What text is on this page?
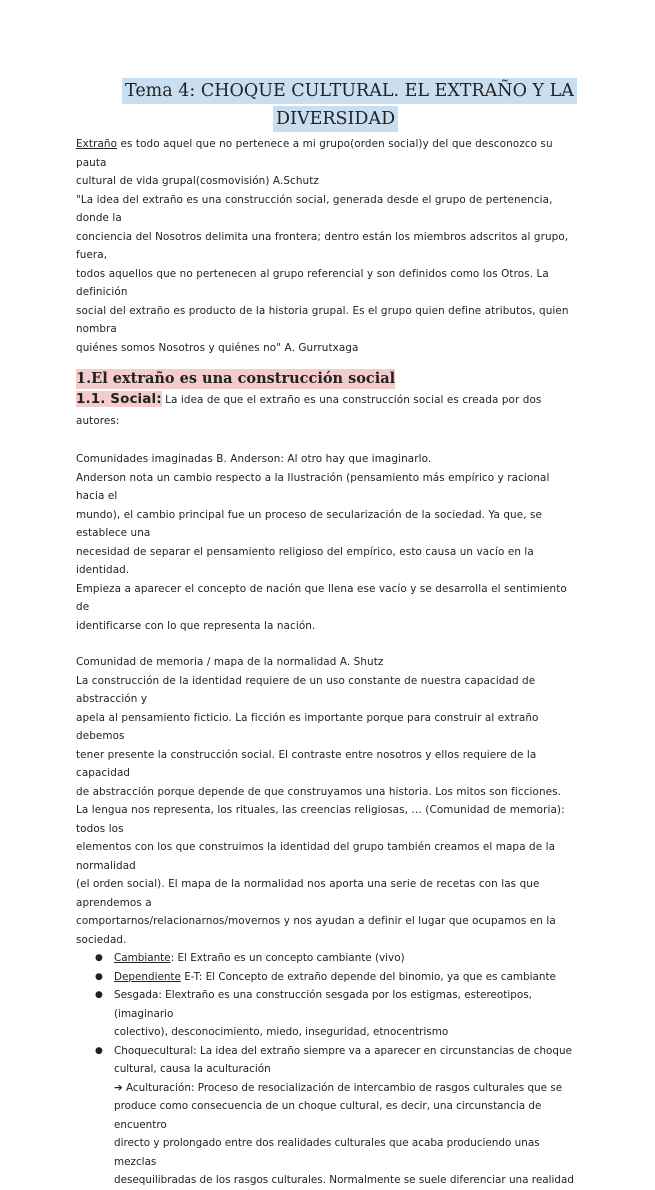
Tema 4: CHOQUE CULTURAL. EL EXTRAÑO Y LA
DIVERSIDAD

Extraño es todo aquel que no pertenece a mi grupo(orden social)y del que desconozco su pauta

cultural de vida grupal(cosmovisión) A.Schutz

"La idea del extraño es una construcción social, generada desde el grupo de pertenencia, donde la

conciencia del Nosotros delimita una frontera; dentro están los miembros adscritos al grupo, fuera,

todos aquellos que no pertenecen al grupo referencial y son definidos como los Otros. La definición

social del extraño es producto de la historia grupal. Es el grupo quien define atributos, quien nombra

quiénes somos Nosotros y quiénes no" A. Gurrutxaga

1.El extraño es una construcción social

1.1. Social: La idea de que el extraño es una construcción social es creada por dos autores:

Comunidades imaginadas B. Anderson: Al otro hay que imaginarlo.

Anderson nota un cambio respecto a la Ilustración (pensamiento más empírico y racional hacia el

mundo), el cambio principal fue un proceso de secularización de la sociedad. Ya que, se establece una

necesidad de separar el pensamiento religioso del empírico, esto causa un vacío en la identidad.

Empieza a aparecer el concepto de nación que llena ese vacío y se desarrolla el sentimiento de

identificarse con lo que representa la nación.

Comunidad de memoria / mapa de la normalidad A. Shutz

La construcción de la identidad requiere de un uso constante de nuestra capacidad de abstracción y

apela al pensamiento ficticio. La ficción es importante porque para construir al extraño debemos

tener presente la construcción social. El contraste entre nosotros y ellos requiere de la capacidad

de abstracción porque depende de que construyamos una historia. Los mitos son ficciones.

La lengua nos representa, los rituales, las creencias religiosas, … (Comunidad de memoria): todos los

elementos con los que construimos la identidad del grupo también creamos el mapa de la normalidad

(el orden social). El mapa de la normalidad nos aporta una serie de recetas con las que aprendemos a

comportarnos/relacionarnos/movernos y nos ayudan a definir el lugar que ocupamos en la sociedad.

● Cambiante: El Extraño es un concepto cambiante (vivo)
● Dependiente E-T: El Concepto de extraño depende del binomio, ya que es cambiante
● Sesgada: Elextraño es una construcción sesgada por los estigmas, estereotipos, (imaginario
colectivo), desconocimiento, miedo, inseguridad, etnocentrismo
● Choquecultural: La idea del extraño siempre va a aparecer en circunstancias de choque
cultural, causa la aculturación
➔ Aculturación: Proceso de resocialización de intercambio de rasgos culturales que se
produce como consecuencia de un choque cultural, es decir, una circunstancia de encuentro
directo y prolongado entre dos realidades culturales que acaba produciendo unas mezclas
desequilibradas de los rasgos culturales. Normalmente se suele diferenciar una realidad
